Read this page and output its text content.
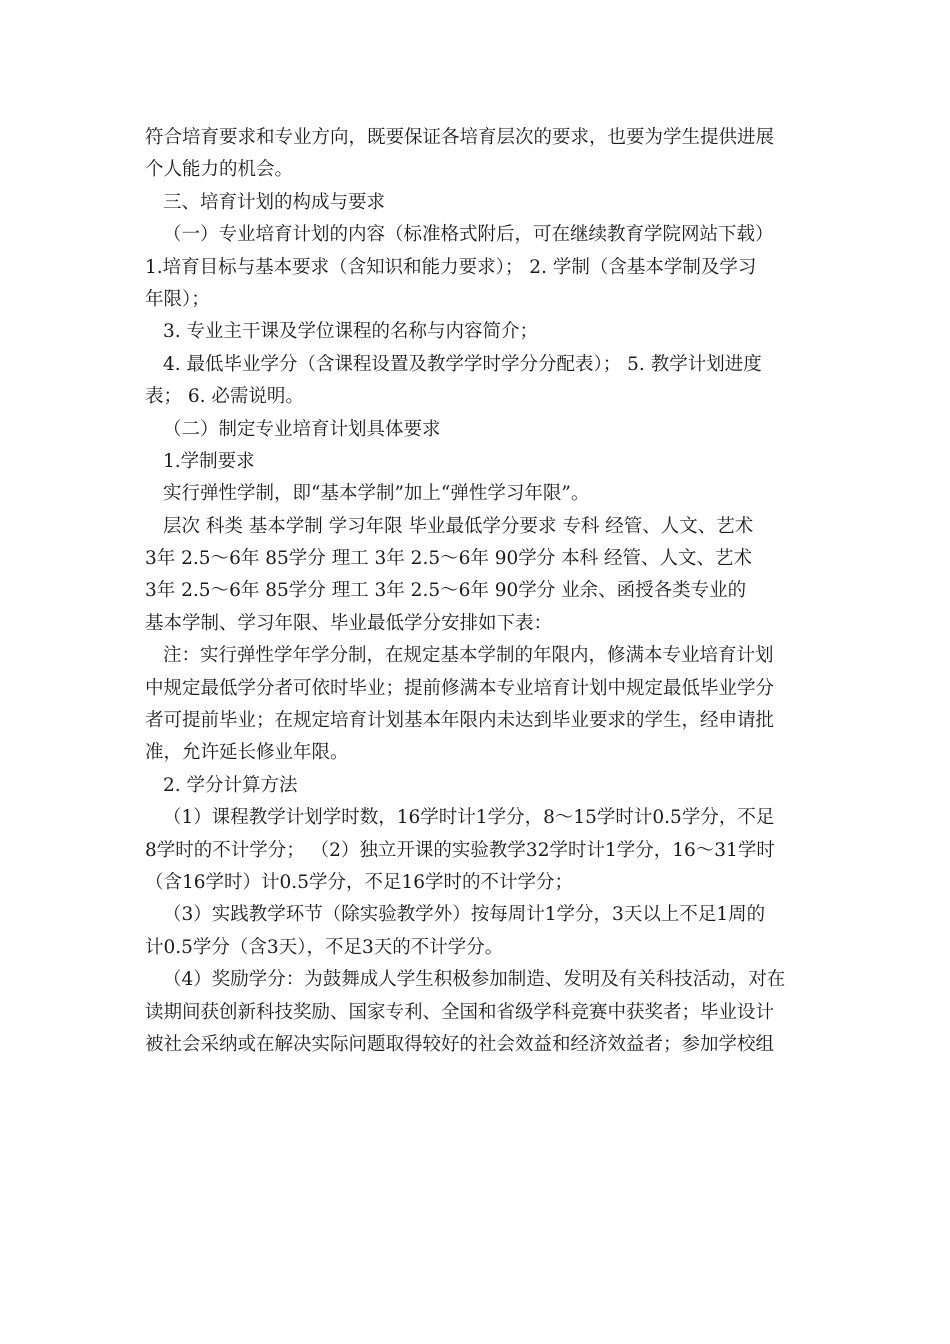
符合培育要求和专业方向，既要保证各培育层次的要求，也要为学生提供进展
个人能力的机会。
三、培育计划的构成与要求
（一）专业培育计划的内容（标准格式附后，可在继续教育学院网站下载）
1.培育目标与基本要求（含知识和能力要求）； 2. 学制（含基本学制及学习
年限）；
3. 专业主干课及学位课程的名称与内容简介；
4. 最低毕业学分（含课程设置及教学学时学分分配表）； 5. 教学计划进度
表； 6. 必需说明。
（二）制定专业培育计划具体要求
1.学制要求
实行弹性学制，即“基本学制”加上“弹性学习年限”。
层次 科类 基本学制 学习年限 毕业最低学分要求 专科 经管、人文、艺术
3年 2.5～6年 85学分 理工 3年 2.5～6年 90学分 本科 经管、人文、艺术
3年 2.5～6年 85学分 理工 3年 2.5～6年 90学分 业余、函授各类专业的
基本学制、学习年限、毕业最低学分安排如下表：
注：实行弹性学年学分制，在规定基本学制的年限内，修满本专业培育计划
中规定最低学分者可依时毕业；提前修满本专业培育计划中规定最低毕业学分
者可提前毕业；在规定培育计划基本年限内未达到毕业要求的学生，经申请批
准，允许延长修业年限。
2. 学分计算方法
（1）课程教学计划学时数，16学时计1学分，8～15学时计0.5学分，不足
8学时的不计学分； （2）独立开课的实验教学32学时计1学分，16～31学时
（含16学时）计0.5学分，不足16学时的不计学分；
（3）实践教学环节（除实验教学外）按每周计1学分，3天以上不足1周的
计0.5学分（含3天），不足3天的不计学分。
（4）奖励学分：为鼓舞成人学生积极参加制造、发明及有关科技活动，对在
读期间获创新科技奖励、国家专利、全国和省级学科竞赛中获奖者；毕业设计
被社会采纳或在解决实际问题取得较好的社会效益和经济效益者；参加学校组
